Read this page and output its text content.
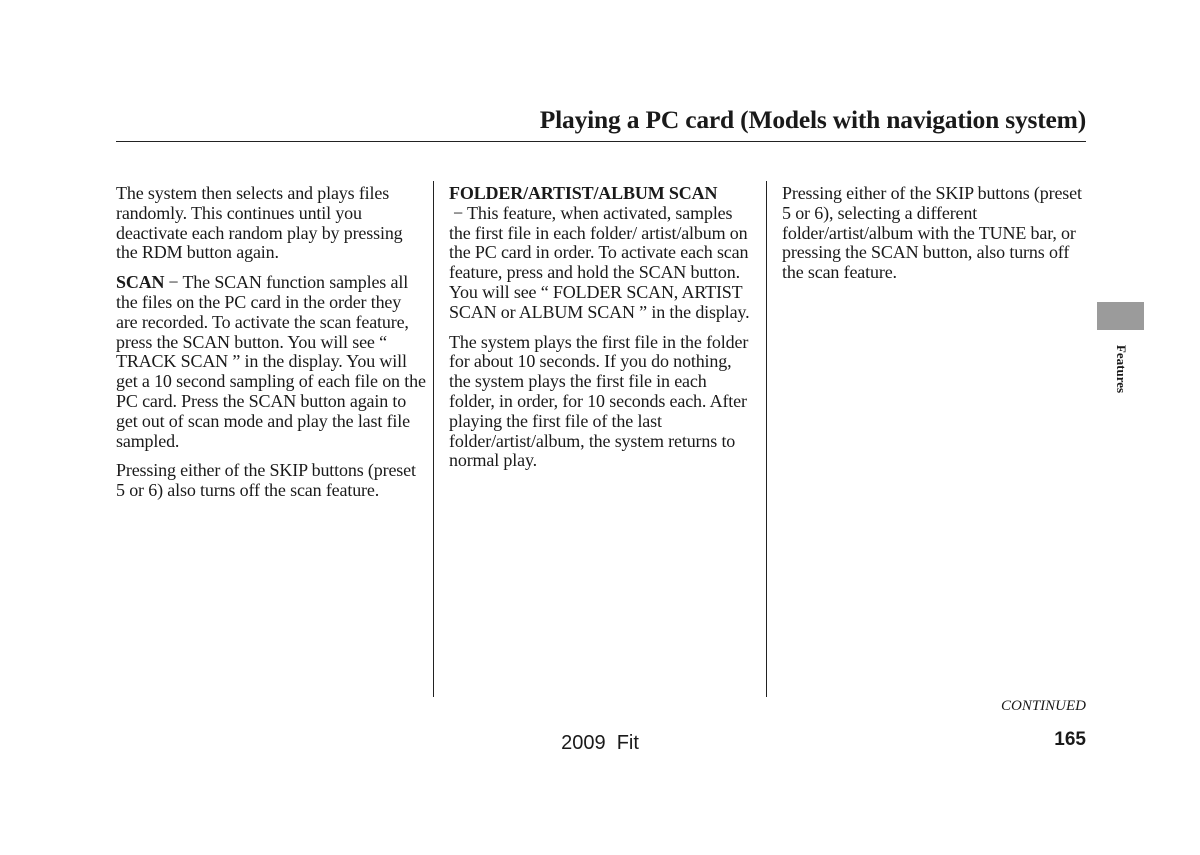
Playing a PC card (Models with navigation system)

The system then selects and plays files randomly. This continues until you deactivate each random play by pressing the RDM button again.

SCAN − The SCAN function samples all the files on the PC card in the order they are recorded. To activate the scan feature, press the SCAN button. You will see “ TRACK SCAN ” in the display. You will get a 10 second sampling of each file on the PC card. Press the SCAN button again to get out of scan mode and play the last file sampled.

Pressing either of the SKIP buttons (preset 5 or 6) also turns off the scan feature.

FOLDER/ARTIST/ALBUM SCAN
− This feature, when activated, samples the first file in each folder/ artist/album on the PC card in order. To activate each scan feature, press and hold the SCAN button. You will see “ FOLDER SCAN, ARTIST SCAN or ALBUM SCAN ” in the display.

The system plays the first file in the folder for about 10 seconds. If you do nothing, the system plays the first file in each folder, in order, for 10 seconds each. After playing the first file of the last folder/artist/album, the system returns to normal play.

Pressing either of the SKIP buttons (preset 5 or 6), selecting a different folder/artist/album with the TUNE bar, or pressing the SCAN button, also turns off the scan feature.

Features
CONTINUED
165
2009  Fit
